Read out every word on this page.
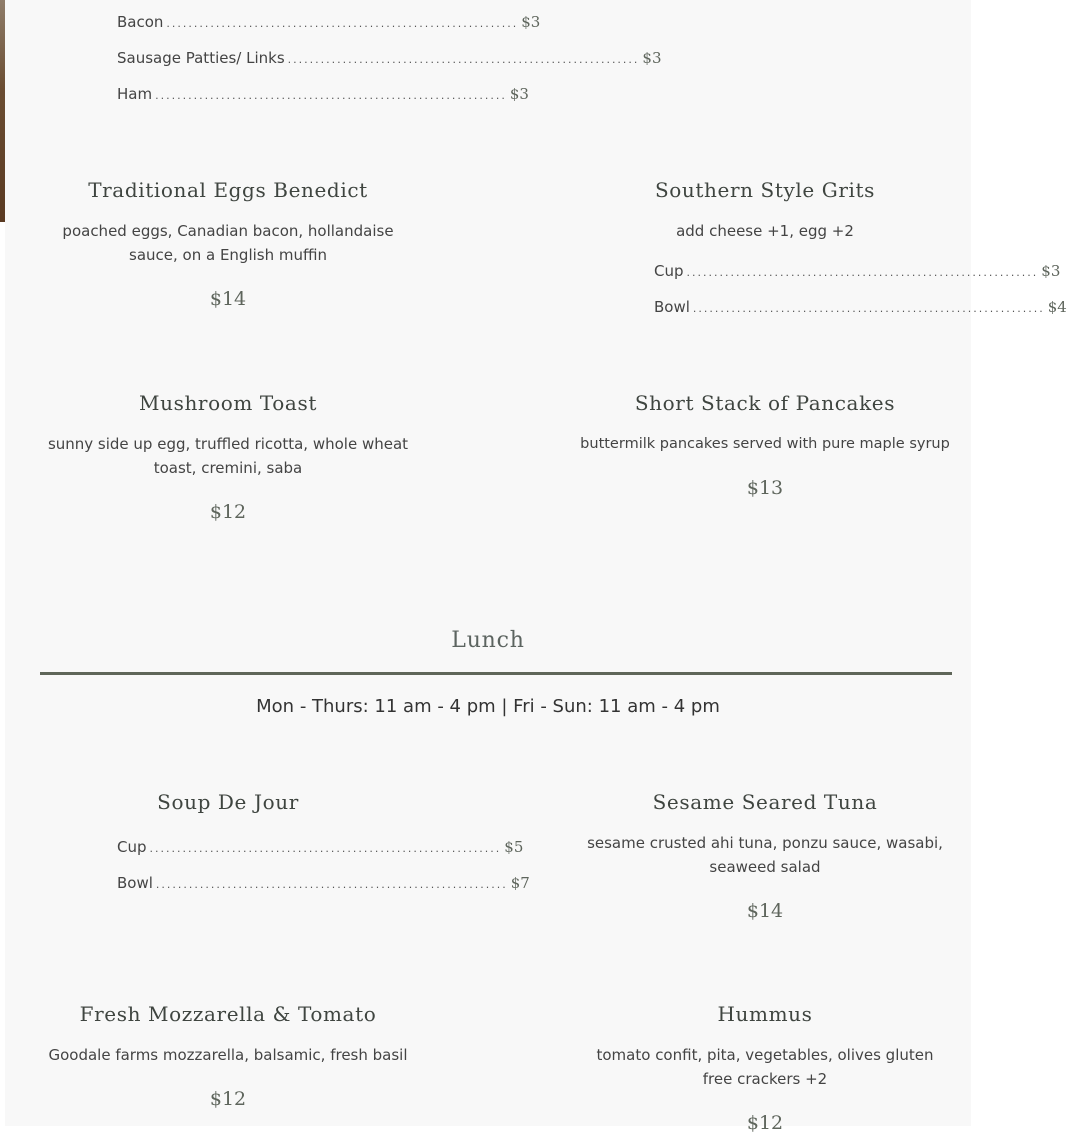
Bacon ................................................................ $3
Sausage Patties/ Links ................................................................ $3
Ham ................................................................ $3
Traditional Eggs Benedict
poached eggs, Canadian bacon, hollandaise sauce, on a English muffin
$14
Southern Style Grits
add cheese +1, egg +2
Cup ................................................................ $3
Bowl ................................................................ $4
Mushroom Toast
sunny side up egg, truffled ricotta, whole wheat toast, cremini, saba
$12
Short Stack of Pancakes
buttermilk pancakes served with pure maple syrup
$13
Lunch
Mon - Thurs: 11 am - 4 pm | Fri - Sun: 11 am - 4 pm
Soup De Jour
Cup ................................................................ $5
Bowl ................................................................ $7
Sesame Seared Tuna
sesame crusted ahi tuna, ponzu sauce, wasabi, seaweed salad
$14
Fresh Mozzarella & Tomato
Goodale farms mozzarella, balsamic, fresh basil
$12
Hummus
tomato confit, pita, vegetables, olives gluten free crackers +2
$12
